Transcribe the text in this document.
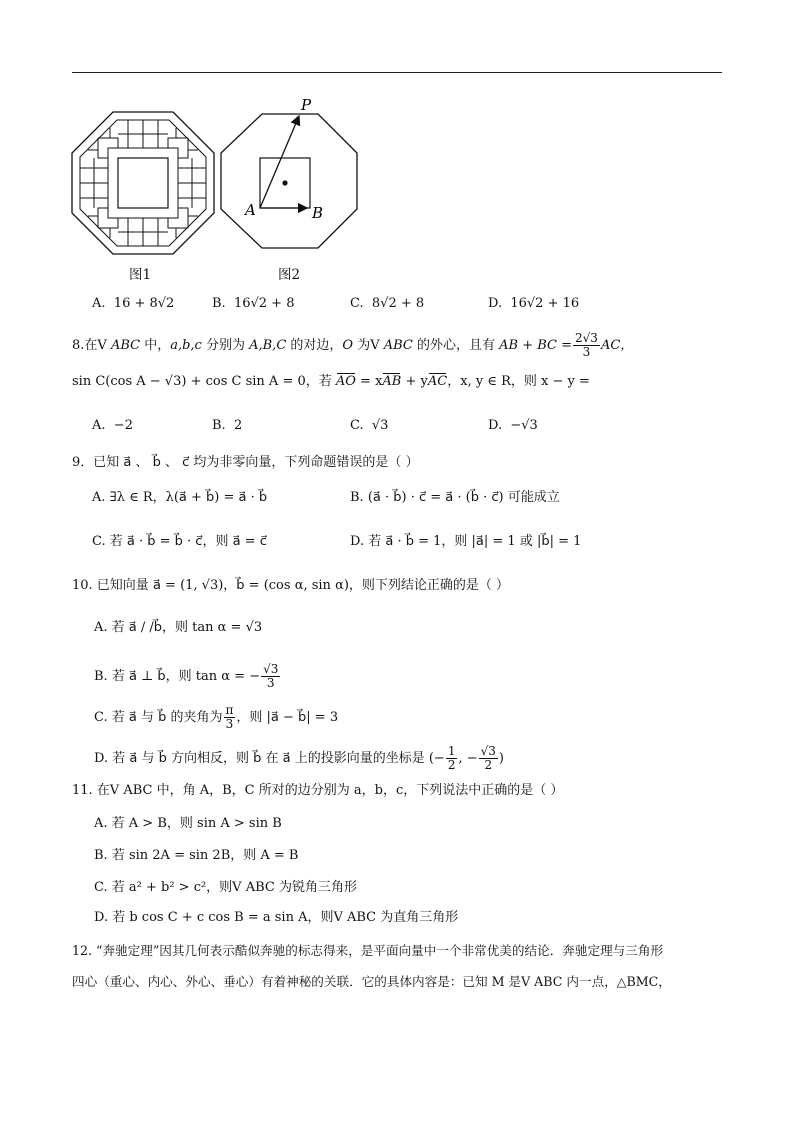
P
A	B
图1	图2
A. 16 + 8√2	B. 16√2 + 8	C. 8√2 + 8	D. 16√2 + 16
8.在V ABC 中，a,b,c 分别为 A,B,C 的对边，O 为V ABC 的外心，且有 AB + BC = $\frac{2√3}{3}$ AC，
sin C(cos A − √3) + cos C sin A = 0，若 AO = xAB + yAC，x, y ∈ R，则 x − y =
A. −2	B. 2	C. √3	D. −√3
9．已知 a⃗ 、 b⃗ 、 c⃗ 均为非零向量，下列命题错误的是（ ）
A. ∃λ ∈ R，λ(a⃗ + b⃗) = a⃗ · b⃗	B. (a⃗ · b⃗) · c⃗ = a⃗ · (b⃗ · c⃗) 可能成立
C. 若 a⃗ · b⃗ = b⃗ · c⃗，则 a⃗ = c⃗	D. 若 a⃗ · b⃗ = 1，则 |a⃗| = 1 或 |b⃗| = 1
10. 已知向量 a⃗ = (1, √3)，b⃗ = (cos α, sin α)，则下列结论正确的是（ ）
A. 若 a⃗ / /b⃗，则 tan α = √3
B. 若 a⃗ ⊥ b⃗，则 tan α = − $\frac{√3}{3}$
C. 若 a⃗ 与 b⃗ 的夹角为 $\frac{\pi}{3}$ ，则 |a⃗ − b⃗| = 3
D. 若 a⃗ 与 b⃗ 方向相反，则 b⃗ 在 a⃗ 上的投影向量的坐标是 (− $\frac{1}{2}$ , − $\frac{√3}{2}$ )
11. 在V ABC 中，角 A，B，C 所对的边分别为 a，b，c，下列说法中正确的是（ ）
A. 若 A > B，则 sin A > sin B
B. 若 sin 2A = sin 2B，则 A = B
C. 若 a² + b² > c²，则V ABC 为锐角三角形
D. 若 b cos C + c cos B = a sin A，则V ABC 为直角三角形
12. “奔驰定理”因其几何表示酷似奔驰的标志得来，是平面向量中一个非常优美的结论．奔驰定理与三角形
四心（重心、内心、外心、垂心）有着神秘的关联．它的具体内容是：已知 M 是V ABC 内一点，△BMC，
